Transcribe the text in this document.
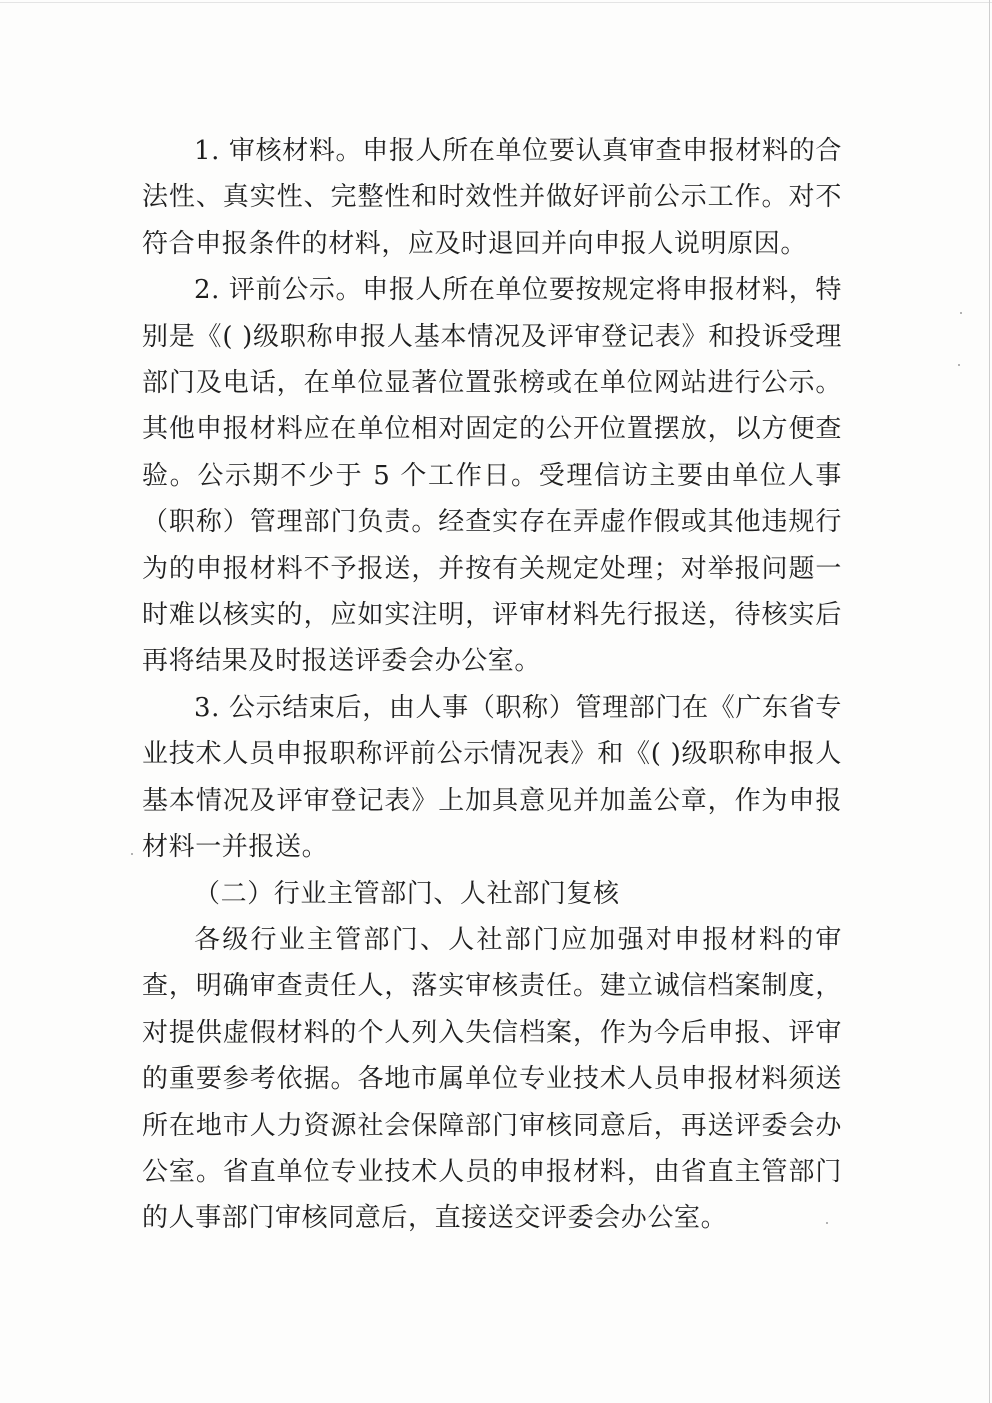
1. 审核材料。申报人所在单位要认真审查申报材料的合法性、真实性、完整性和时效性并做好评前公示工作。对不符合申报条件的材料，应及时退回并向申报人说明原因。

2. 评前公示。申报人所在单位要按规定将申报材料，特别是《( )级职称申报人基本情况及评审登记表》和投诉受理部门及电话，在单位显著位置张榜或在单位网站进行公示。其他申报材料应在单位相对固定的公开位置摆放，以方便查验。公示期不少于 5 个工作日。受理信访主要由单位人事（职称）管理部门负责。经查实存在弄虚作假或其他违规行为的申报材料不予报送，并按有关规定处理；对举报问题一时难以核实的，应如实注明，评审材料先行报送，待核实后再将结果及时报送评委会办公室。

3. 公示结束后，由人事（职称）管理部门在《广东省专业技术人员申报职称评前公示情况表》和《( )级职称申报人基本情况及评审登记表》上加具意见并加盖公章，作为申报材料一并报送。

（二）行业主管部门、人社部门复核

各级行业主管部门、人社部门应加强对申报材料的审查，明确审查责任人，落实审核责任。建立诚信档案制度，对提供虚假材料的个人列入失信档案，作为今后申报、评审的重要参考依据。各地市属单位专业技术人员申报材料须送所在地市人力资源社会保障部门审核同意后，再送评委会办公室。省直单位专业技术人员的申报材料，由省直主管部门的人事部门审核同意后，直接送交评委会办公室。
